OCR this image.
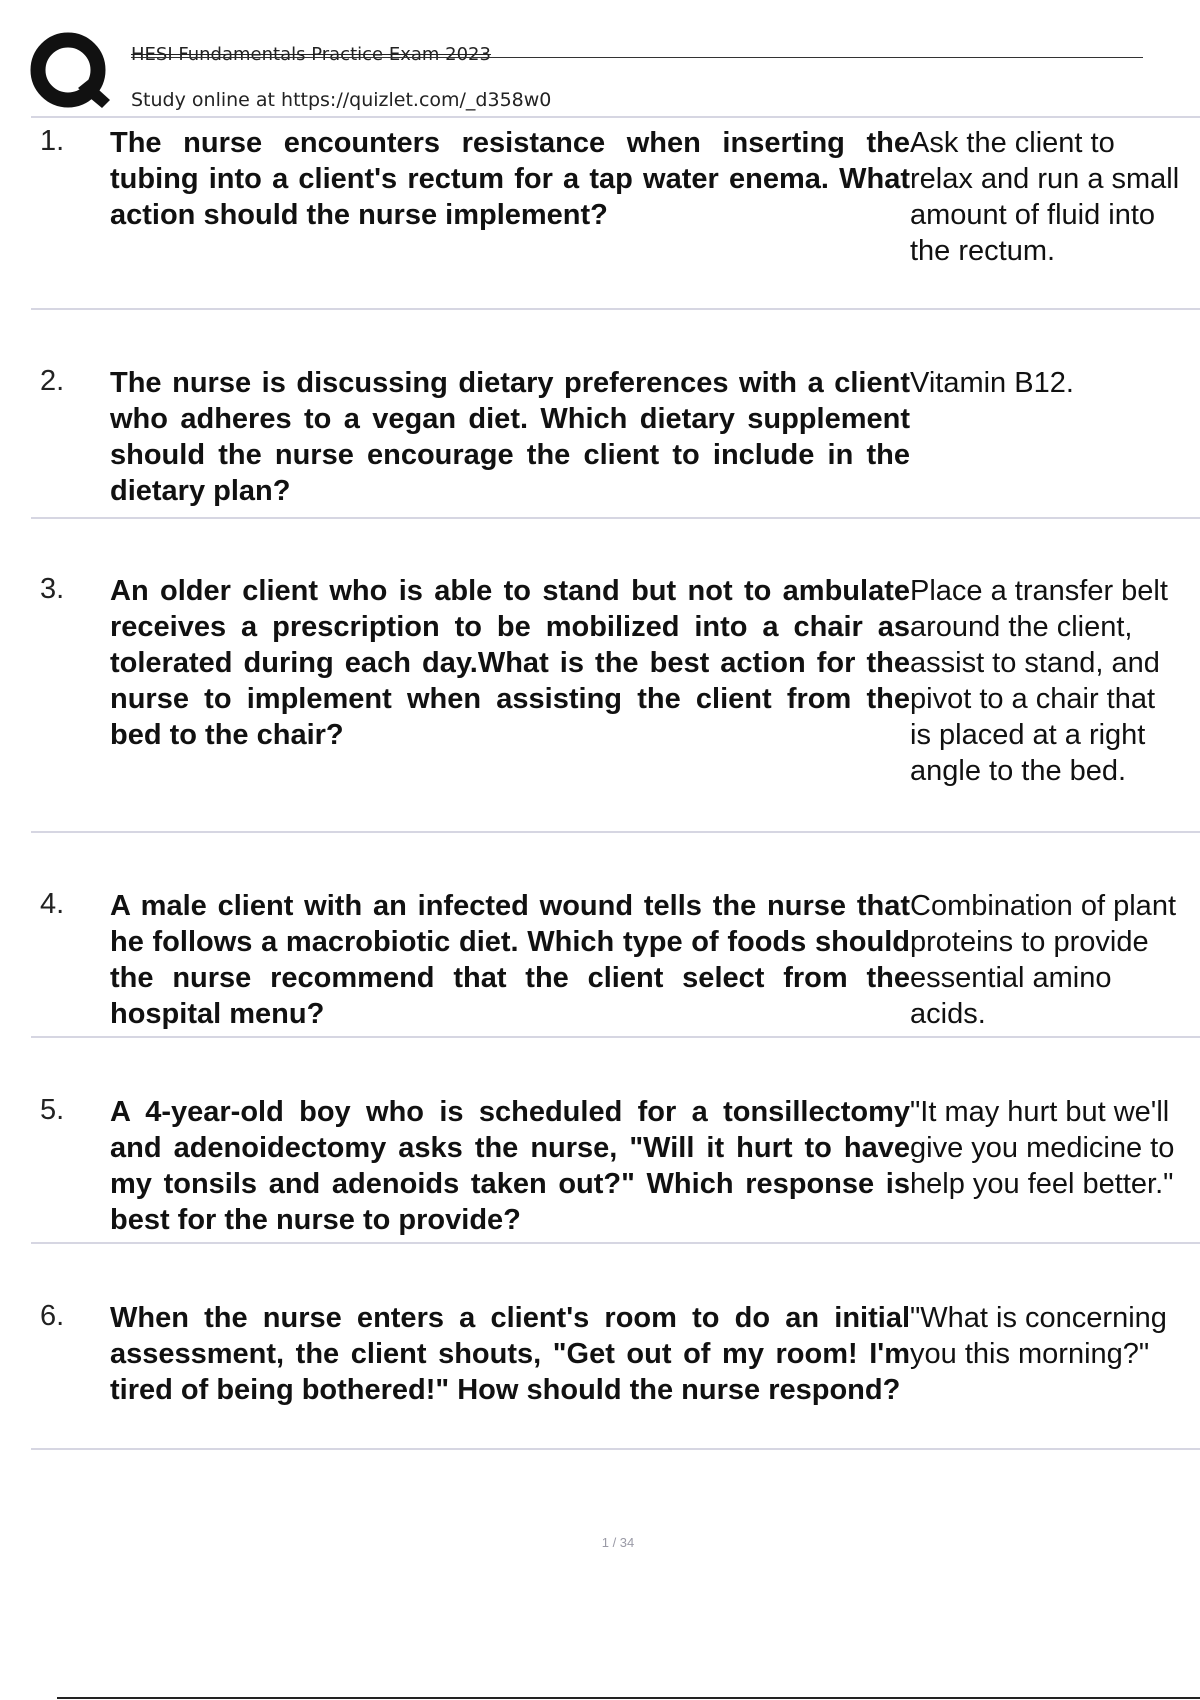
HESI Fundamentals Practice Exam 2023
Study online at https://quizlet.com/_d358w0
1. The nurse encounters resistance when inserting the tubing into a client's rectum for a tap water enema. What action should the nurse implement?
Ask the client to relax and run a small amount of fluid into the rectum.
2. The nurse is discussing dietary preferences with a client who adheres to a vegan diet. Which dietary supplement should the nurse encourage the client to include in the dietary plan?
Vitamin B12.
3. An older client who is able to stand but not to ambulate receives a prescription to be mobilized into a chair as tolerated during each day.What is the best action for the nurse to implement when assisting the client from the bed to the chair?
Place a transfer belt around the client, assist to stand, and pivot to a chair that is placed at a right angle to the bed.
4. A male client with an infected wound tells the nurse that he follows a macrobiotic diet. Which type of foods should the nurse recommend that the client select from the hospital menu?
Combination of plant proteins to provide essential amino acids.
5. A 4-year-old boy who is scheduled for a tonsillectomy and adenoidectomy asks the nurse, "Will it hurt to have my tonsils and adenoids taken out?" Which response is best for the nurse to provide?
"It may hurt but we'll give you medicine to help you feel better."
6. When the nurse enters a client's room to do an initial assessment, the client shouts, "Get out of my room! I'm tired of being bothered!" How should the nurse respond?
"What is concerning you this morning?"
1 / 34
